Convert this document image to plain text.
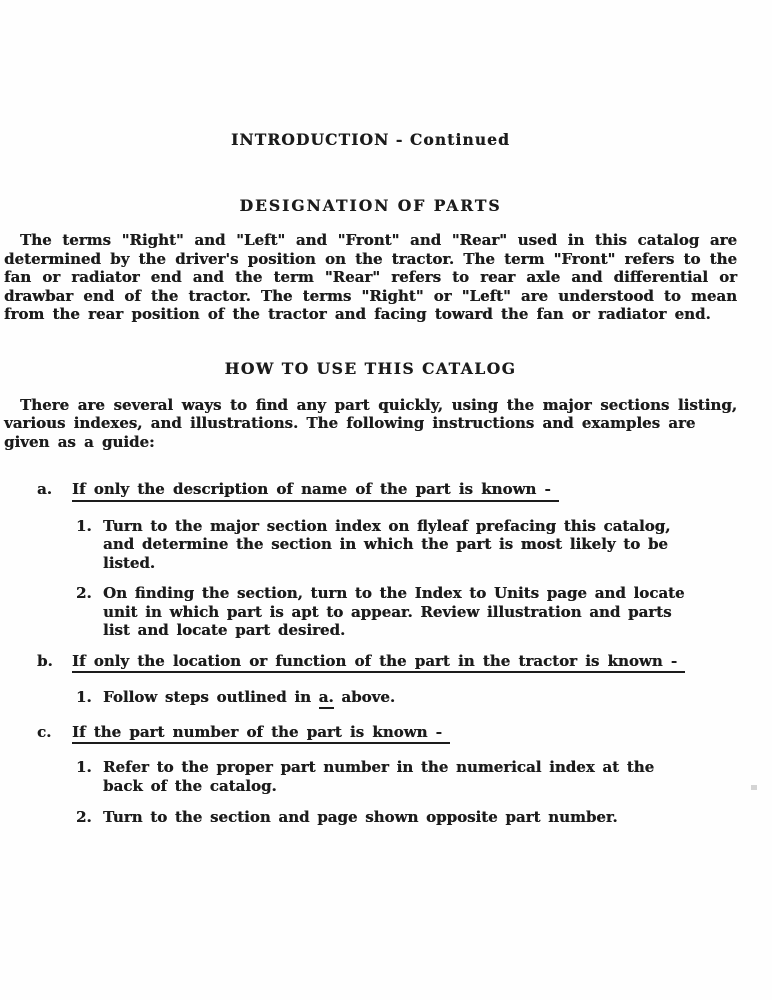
INTRODUCTION - Continued
DESIGNATION OF PARTS
The terms "Right" and "Left" and "Front" and "Rear" used in this catalog are
determined by the driver's position on the tractor. The term "Front" refers to the
fan or radiator end and the term "Rear" refers to rear axle and differential or
drawbar end of the tractor. The terms "Right" or "Left" are understood to mean
from the rear position of the tractor and facing toward the fan or radiator end.
HOW TO USE THIS CATALOG
There are several ways to find any part quickly, using the major sections listing,
various indexes, and illustrations. The following instructions and examples are
given as a guide:
a.	If only the description of name of the part is known -
1. Turn to the major section index on flyleaf prefacing this catalog,
and determine the section in which the part is most likely to be
listed.
2. On finding the section, turn to the Index to Units page and locate
unit in which part is apt to appear. Review illustration and parts
list and locate part desired.
b.	If only the location or function of the part in the tractor is known -
1. Follow steps outlined in a. above.
c.	If the part number of the part is known -
1. Refer to the proper part number in the numerical index at the
back of the catalog.
2. Turn to the section and page shown opposite part number.
